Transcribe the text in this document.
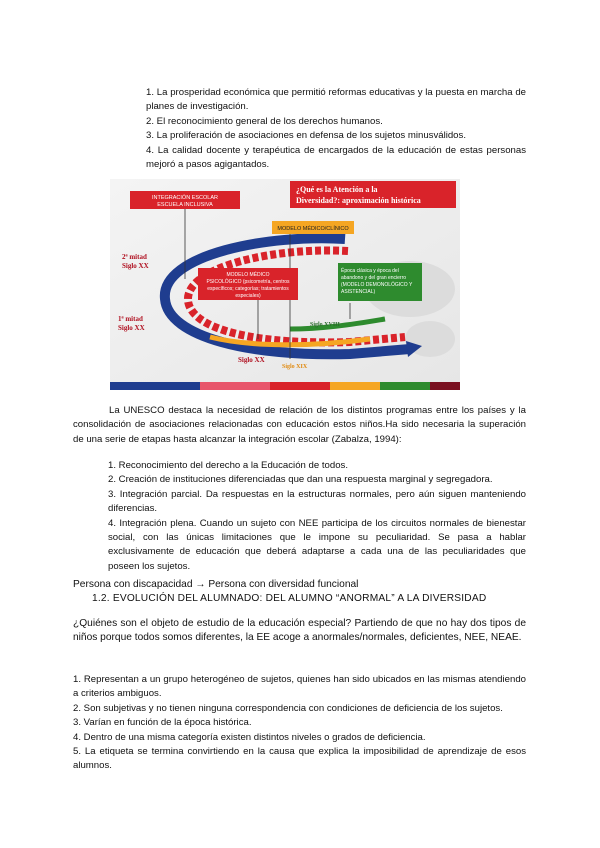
1. La prosperidad económica que permitió reformas educativas y la puesta en marcha de planes de investigación.

2. El reconocimiento general de los derechos humanos.

3. La proliferación de asociaciones en defensa de los sujetos minusválidos.

4. La calidad docente y terapéutica de encargados de la educación de estas personas mejoró a pasos agigantados.

¿Qué es la Atención a la
Diversidad?: aproximación histórica
INTEGRACIÓN ESCOLAR
ESCUELA INCLUSIVA
MODELO MÉDICO/CLÍNICO
MODELO MÉDICO
PSICOLÓGICO (psicometría, centros
específicos; categorías; tratamientos
especiales)
Época clásica y época del
abandono y del gran encierro
(MODELO DEMONOLÓGICO Y
ASISTENCIAL)
2ª mitad
Siglo XX
1ª mitad
Siglo XX	Siglo XVIII
Siglo XX
Siglo XIX

La UNESCO destaca la necesidad de relación de los distintos programas entre los países y la consolidación de asociaciones relacionadas con educación estos niños.Ha sido necesaria la superación de una serie de etapas hasta alcanzar la integración escolar (Zabalza, 1994):

1. Reconocimiento del derecho a la Educación de todos.

2. Creación de instituciones diferenciadas que dan una respuesta marginal y segregadora.

3. Integración parcial. Da respuestas en la estructuras normales, pero aún siguen manteniendo diferencias.

4. Integración plena. Cuando un sujeto con NEE participa de los circuitos normales de bienestar social, con las únicas limitaciones que le impone su peculiaridad. Se pasa a hablar exclusivamente de educación que deberá adaptarse a cada una de las peculiaridades que poseen los sujetos.

Persona con discapacidad → Persona con diversidad funcional
1.2. EVOLUCIÓN DEL ALUMNADO: DEL ALUMNO “ANORMAL” A LA DIVERSIDAD
¿Quiénes son el objeto de estudio de la educación especial? Partiendo de que no hay dos tipos de niños porque todos somos diferentes, la EE acoge a anormales/normales, deficientes, NEE, NEAE.

1. Representan a un grupo heterogéneo de sujetos, quienes han sido ubicados en las mismas atendiendo a criterios ambiguos.

2. Son subjetivas y no tienen ninguna correspondencia con condiciones de deficiencia de los sujetos.

3. Varían en función de la época histórica.

4. Dentro de una misma categoría existen distintos niveles o grados de deficiencia.

5. La etiqueta se termina convirtiendo en la causa que explica la imposibilidad de aprendizaje de esos alumnos.
